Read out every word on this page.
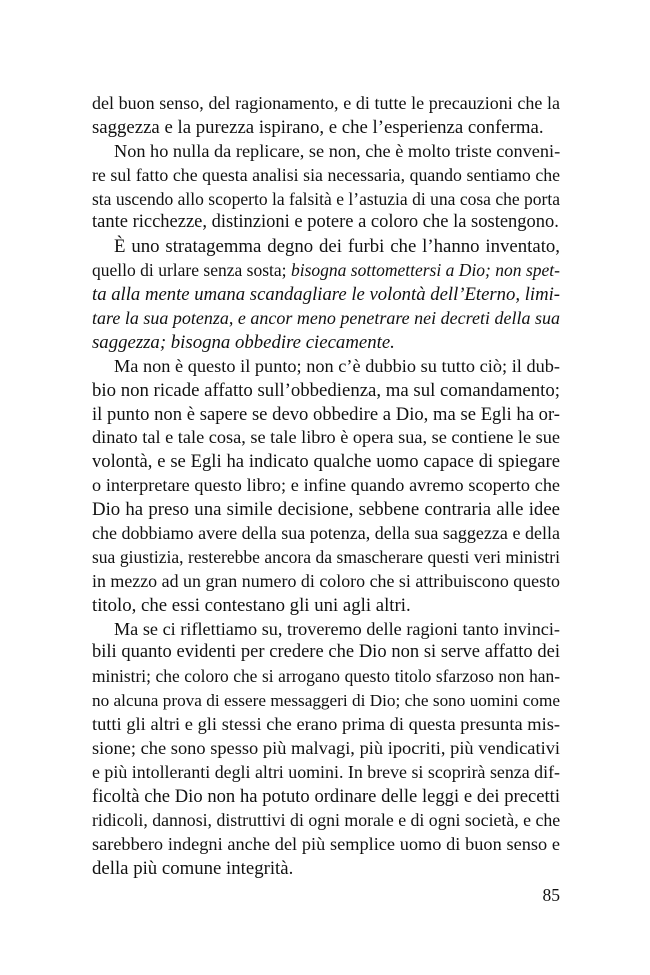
del buon senso, del ragionamento, e di tutte le precauzioni che la
saggezza e la purezza ispirano, e che l’esperienza conferma.
Non ho nulla da replicare, se non, che è molto triste conveni-
re sul fatto che questa analisi sia necessaria, quando sentiamo che
sta uscendo allo scoperto la falsità e l’astuzia di una cosa che porta
tante ricchezze, distinzioni e potere a coloro che la sostengono.
È uno stratagemma degno dei furbi che l’hanno inventato,
quello di urlare senza sosta; bisogna sottomettersi a Dio; non spet-
ta alla mente umana scandagliare le volontà dell’Eterno, limi-
tare la sua potenza, e ancor meno penetrare nei decreti della sua
saggezza; bisogna obbedire ciecamente.
Ma non è questo il punto; non c’è dubbio su tutto ciò; il dub-
bio non ricade affatto sull’obbedienza, ma sul comandamento;
il punto non è sapere se devo obbedire a Dio, ma se Egli ha or-
dinato tal e tale cosa, se tale libro è opera sua, se contiene le sue
volontà, e se Egli ha indicato qualche uomo capace di spiegare
o interpretare questo libro; e infine quando avremo scoperto che
Dio ha preso una simile decisione, sebbene contraria alle idee
che dobbiamo avere della sua potenza, della sua saggezza e della
sua giustizia, resterebbe ancora da smascherare questi veri ministri
in mezzo ad un gran numero di coloro che si attribuiscono questo
titolo, che essi contestano gli uni agli altri.
Ma se ci riflettiamo su, troveremo delle ragioni tanto invinci-
bili quanto evidenti per credere che Dio non si serve affatto dei
ministri; che coloro che si arrogano questo titolo sfarzoso non han-
no alcuna prova di essere messaggeri di Dio; che sono uomini come
tutti gli altri e gli stessi che erano prima di questa presunta mis-
sione; che sono spesso più malvagi, più ipocriti, più vendicativi
e più intolleranti degli altri uomini. In breve si scoprirà senza dif-
ficoltà che Dio non ha potuto ordinare delle leggi e dei precetti
ridicoli, dannosi, distruttivi di ogni morale e di ogni società, e che
sarebbero indegni anche del più semplice uomo di buon senso e
della più comune integrità.
85
